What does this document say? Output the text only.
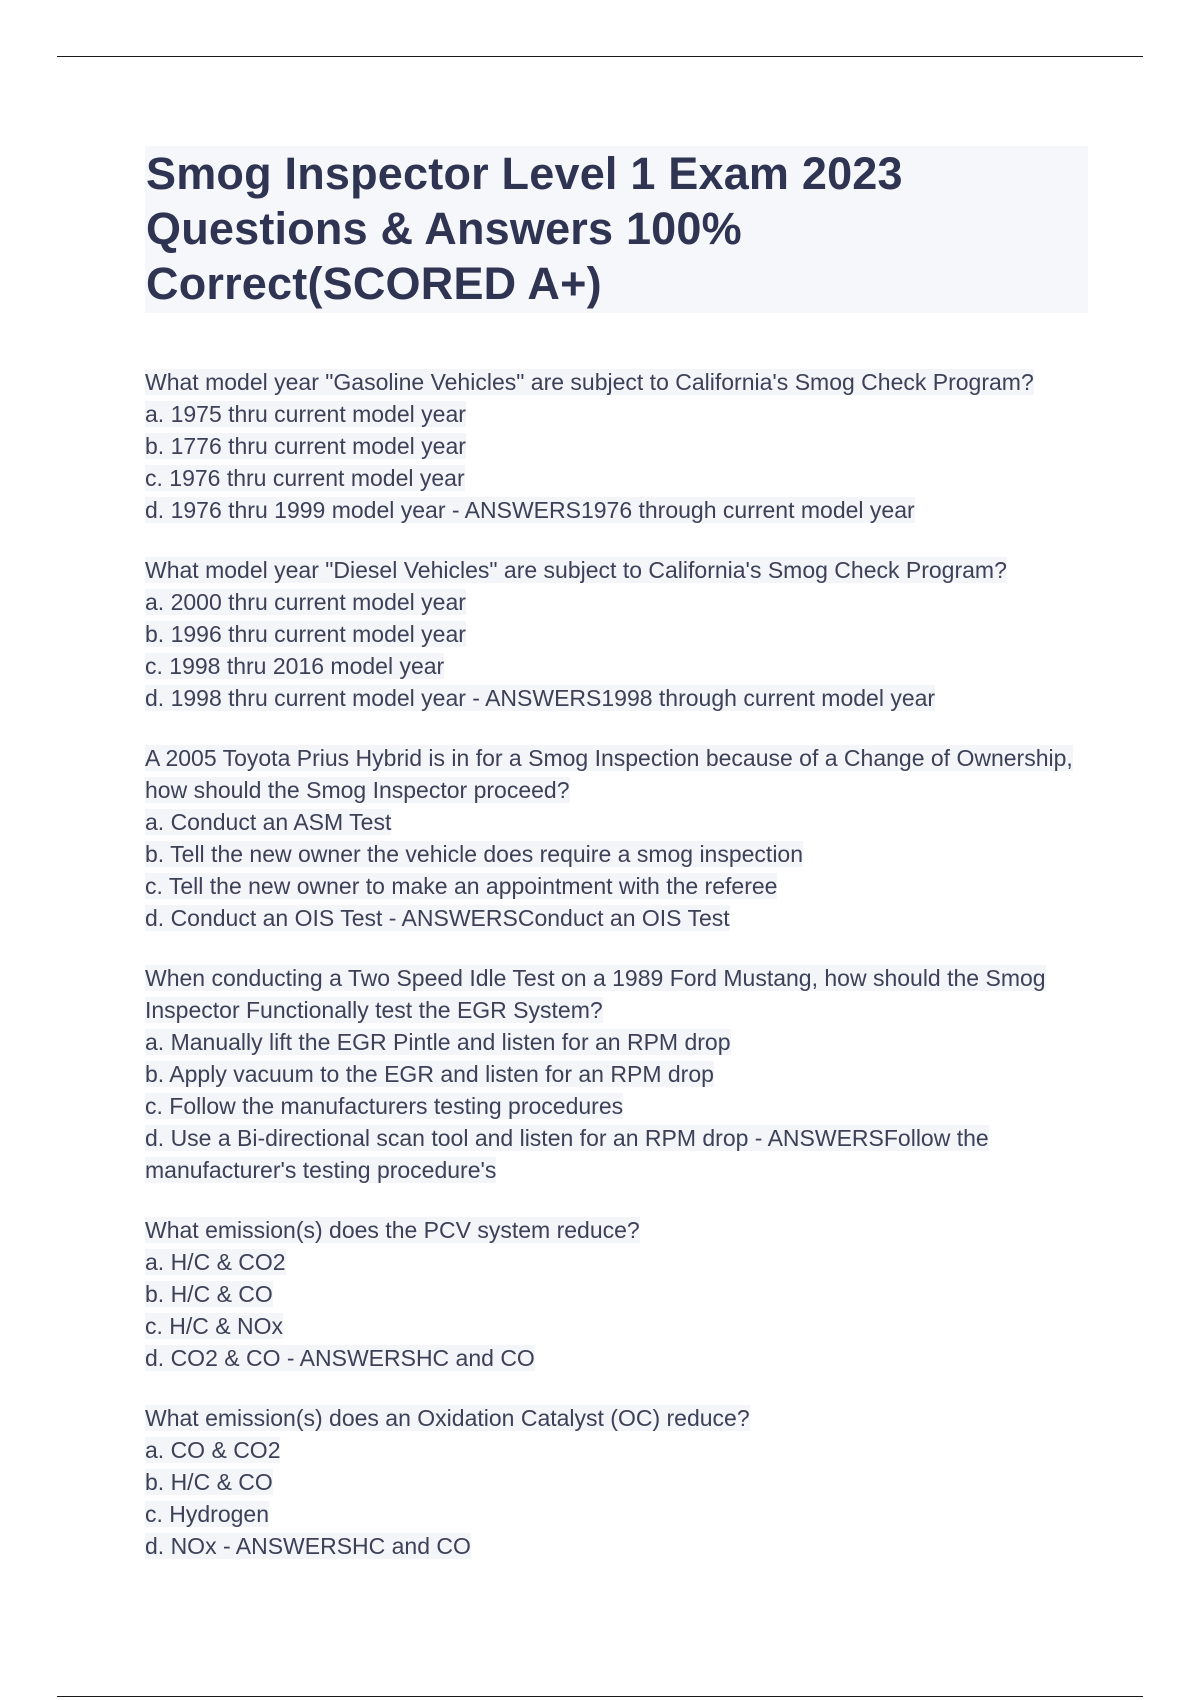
Smog Inspector Level 1 Exam 2023 Questions & Answers 100% Correct(SCORED A+)

What model year "Gasoline Vehicles" are subject to California's Smog Check Program?

a. 1975 thru current model year

b. 1776 thru current model year

c. 1976 thru current model year

d. 1976 thru 1999 model year - ANSWERS1976 through current model year

What model year "Diesel Vehicles" are subject to California's Smog Check Program?

a. 2000 thru current model year

b. 1996 thru current model year

c. 1998 thru 2016 model year

d. 1998 thru current model year - ANSWERS1998 through current model year

A 2005 Toyota Prius Hybrid is in for a Smog Inspection because of a Change of Ownership, how should the Smog Inspector proceed?

a. Conduct an ASM Test

b. Tell the new owner the vehicle does require a smog inspection

c. Tell the new owner to make an appointment with the referee

d. Conduct an OIS Test - ANSWERSConduct an OIS Test

When conducting a Two Speed Idle Test on a 1989 Ford Mustang, how should the Smog Inspector Functionally test the EGR System?

a. Manually lift the EGR Pintle and listen for an RPM drop

b. Apply vacuum to the EGR and listen for an RPM drop

c. Follow the manufacturers testing procedures

d. Use a Bi-directional scan tool and listen for an RPM drop - ANSWERSFollow the manufacturer's testing procedure's

What emission(s) does the PCV system reduce?

a. H/C & CO2

b. H/C & CO

c. H/C & NOx

d. CO2 & CO - ANSWERSHC and CO

What emission(s) does an Oxidation Catalyst (OC) reduce?

a. CO & CO2

b. H/C & CO

c. Hydrogen

d. NOx - ANSWERSHC and CO
